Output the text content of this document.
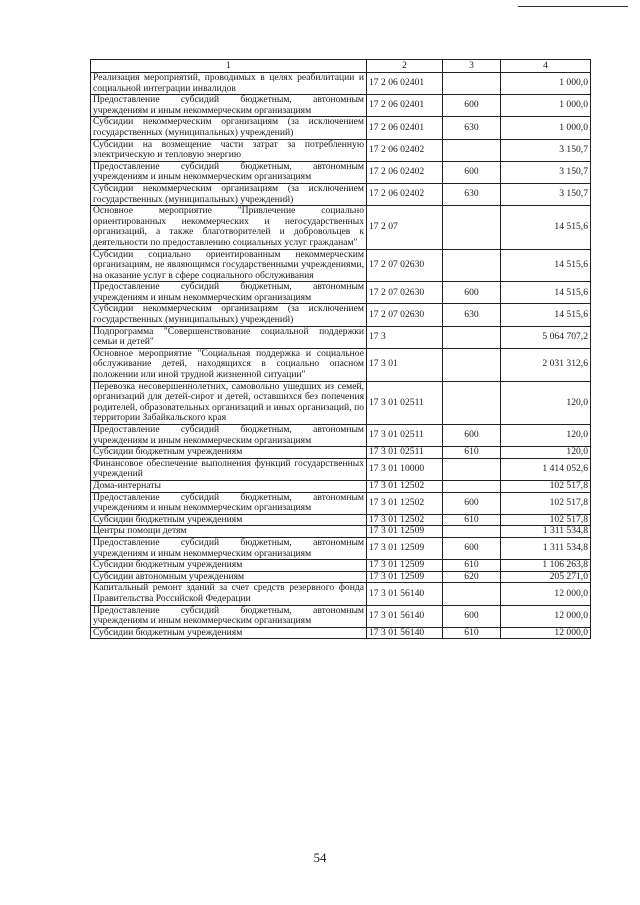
1	2	3	4
Реализация мероприятий, проводимых в целях реабилитации и социальной интеграции инвалидов	17 2 06 02401		1 000,0
Предоставление субсидий бюджетным, автономным учреждениям и иным некоммерческим организациям	17 2 06 02401	600	1 000,0
Субсидии некоммерческим организациям (за исключением государственных (муниципальных) учреждений)	17 2 06 02401	630	1 000,0
Субсидии на возмещение части затрат за потребленную электрическую и тепловую энергию	17 2 06 02402		3 150,7
Предоставление субсидий бюджетным, автономным учреждениям и иным некоммерческим организациям	17 2 06 02402	600	3 150,7
Субсидии некоммерческим организациям (за исключением государственных (муниципальных) учреждений)	17 2 06 02402	630	3 150,7
Основное мероприятие "Привлечение социально ориентированных некоммерческих и негосударственных организаций, а также благотворителей и добровольцев к деятельности по предоставлению социальных услуг гражданам"	17 2 07		14 515,6
Субсидии социально ориентированным некоммерческим организациям, не являющимся государственными учреждениями, на оказание услуг в сфере социального обслуживания	17 2 07 02630		14 515,6
Предоставление субсидий бюджетным, автономным учреждениям и иным некоммерческим организациям	17 2 07 02630	600	14 515,6
Субсидии некоммерческим организациям (за исключением государственных (муниципальных) учреждений)	17 2 07 02630	630	14 515,6
Подпрограмма "Совершенствование социальной поддержки семьи и детей"	17 3		5 064 707,2
Основное мероприятие "Социальная поддержка и социальное обслуживание детей, находящихся в социально опасном положении или иной трудной жизненной ситуации"	17 3 01		2 031 312,6
Перевозка несовершеннолетних, самовольно ушедших из семей, организаций для детей-сирот и детей, оставшихся без попечения родителей, образовательных организаций и иных организаций, по территории Забайкальского края	17 3 01 02511		120,0
Предоставление субсидий бюджетным, автономным учреждениям и иным некоммерческим организациям	17 3 01 02511	600	120,0
Субсидии бюджетным учреждениям	17 3 01 02511	610	120,0
Финансовое обеспечение выполнения функций государственных учреждений	17 3 01 10000		1 414 052,6
Дома-интернаты	17 3 01 12502		102 517,8
Предоставление субсидий бюджетным, автономным учреждениям и иным некоммерческим организациям	17 3 01 12502	600	102 517,8
Субсидии бюджетным учреждениям	17 3 01 12502	610	102 517,8
Центры помощи детям	17 3 01 12509		1 311 534,8
Предоставление субсидий бюджетным, автономным учреждениям и иным некоммерческим организациям	17 3 01 12509	600	1 311 534,8
Субсидии бюджетным учреждениям	17 3 01 12509	610	1 106 263,8
Субсидии автономным учреждениям	17 3 01 12509	620	205 271,0
Капитальный ремонт зданий за счет средств резервного фонда Правительства Российской Федерации	17 3 01 56140		12 000,0
Предоставление субсидий бюджетным, автономным учреждениям и иным некоммерческим организациям	17 3 01 56140	600	12 000,0
Субсидии бюджетным учреждениям	17 3 01 56140	610	12 000,0
54
